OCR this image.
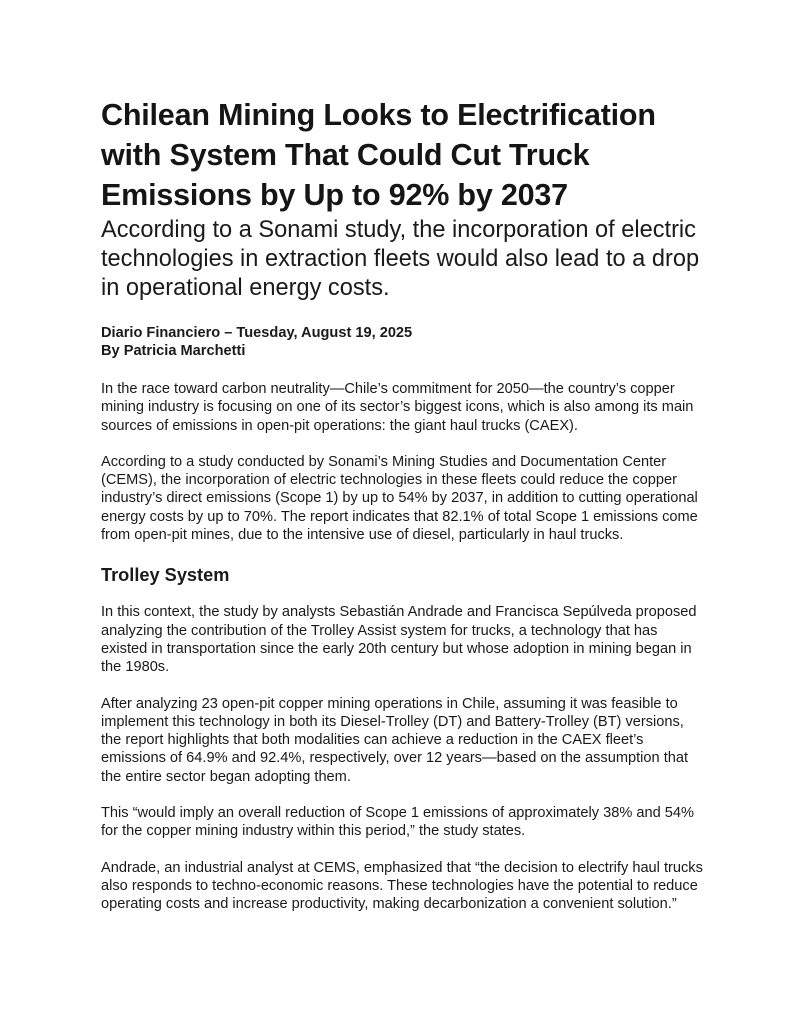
Chilean Mining Looks to Electrification with System That Could Cut Truck Emissions by Up to 92% by 2037
According to a Sonami study, the incorporation of electric technologies in extraction fleets would also lead to a drop in operational energy costs.
Diario Financiero – Tuesday, August 19, 2025
By Patricia Marchetti

In the race toward carbon neutrality—Chile’s commitment for 2050—the country’s copper mining industry is focusing on one of its sector’s biggest icons, which is also among its main sources of emissions in open-pit operations: the giant haul trucks (CAEX).

According to a study conducted by Sonami’s Mining Studies and Documentation Center (CEMS), the incorporation of electric technologies in these fleets could reduce the copper industry’s direct emissions (Scope 1) by up to 54% by 2037, in addition to cutting operational energy costs by up to 70%. The report indicates that 82.1% of total Scope 1 emissions come from open-pit mines, due to the intensive use of diesel, particularly in haul trucks.

Trolley System

In this context, the study by analysts Sebastián Andrade and Francisca Sepúlveda proposed analyzing the contribution of the Trolley Assist system for trucks, a technology that has existed in transportation since the early 20th century but whose adoption in mining began in the 1980s.

After analyzing 23 open-pit copper mining operations in Chile, assuming it was feasible to implement this technology in both its Diesel-Trolley (DT) and Battery-Trolley (BT) versions, the report highlights that both modalities can achieve a reduction in the CAEX fleet’s emissions of 64.9% and 92.4%, respectively, over 12 years—based on the assumption that the entire sector began adopting them.

This “would imply an overall reduction of Scope 1 emissions of approximately 38% and 54% for the copper mining industry within this period,” the study states.

Andrade, an industrial analyst at CEMS, emphasized that “the decision to electrify haul trucks also responds to techno-economic reasons. These technologies have the potential to reduce operating costs and increase productivity, making decarbonization a convenient solution.”
